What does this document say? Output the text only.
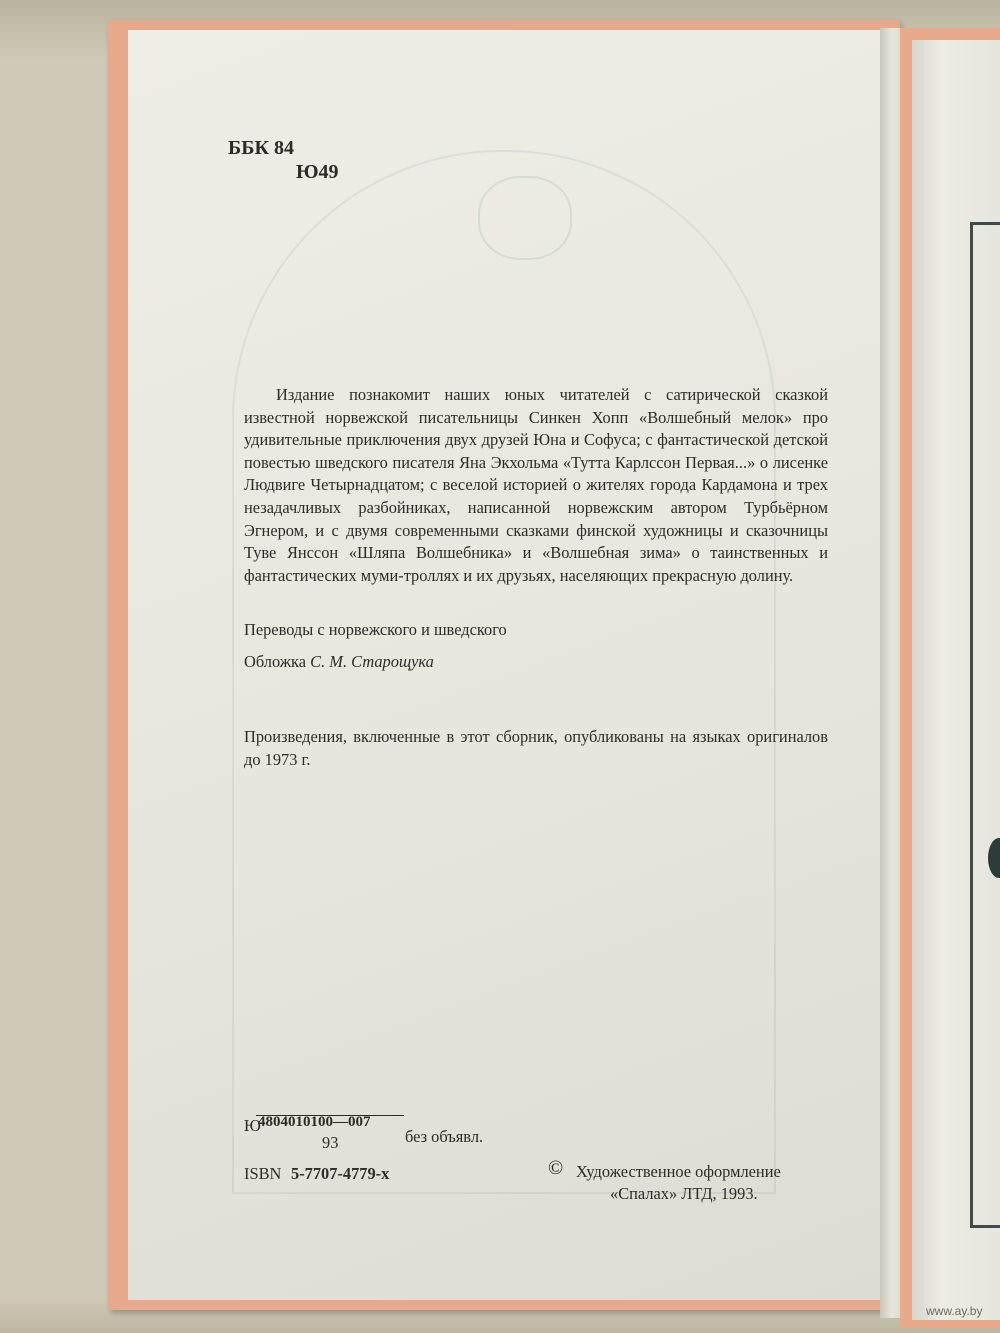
ББК 84
Ю49
Издание познакомит наших юных читателей с сатирической сказкой известной норвежской писательницы Синкен Хопп «Волшебный мелок» про удивительные приключения двух друзей Юна и Софуса; с фантастической детской повестью шведского писателя Яна Экхольма «Тутта Карлссон Первая...» о лисенке Людвиге Четырнадцатом; с веселой историей о жителях города Кардамона и трех незадачливых разбойниках, написанной норвежским автором Турбьёрном Эгнером, и с двумя современными сказками финской художницы и сказочницы Туве Янссон «Шляпа Волшебника» и «Волшебная зима» о таинственных и фантастических муми-троллях и их друзьях, населяющих прекрасную долину.
Переводы с норвежского и шведского
Обложка С. М. Старощука
Произведения, включенные в этот сборник, опубликованы на языках оригиналов до 1973 г.
Ю
4804010100—007
93	без объявл.
ISBN 5-7707-4779-х	© Художественное оформление
«Спалах» ЛТД, 1993.
www.ay.by
